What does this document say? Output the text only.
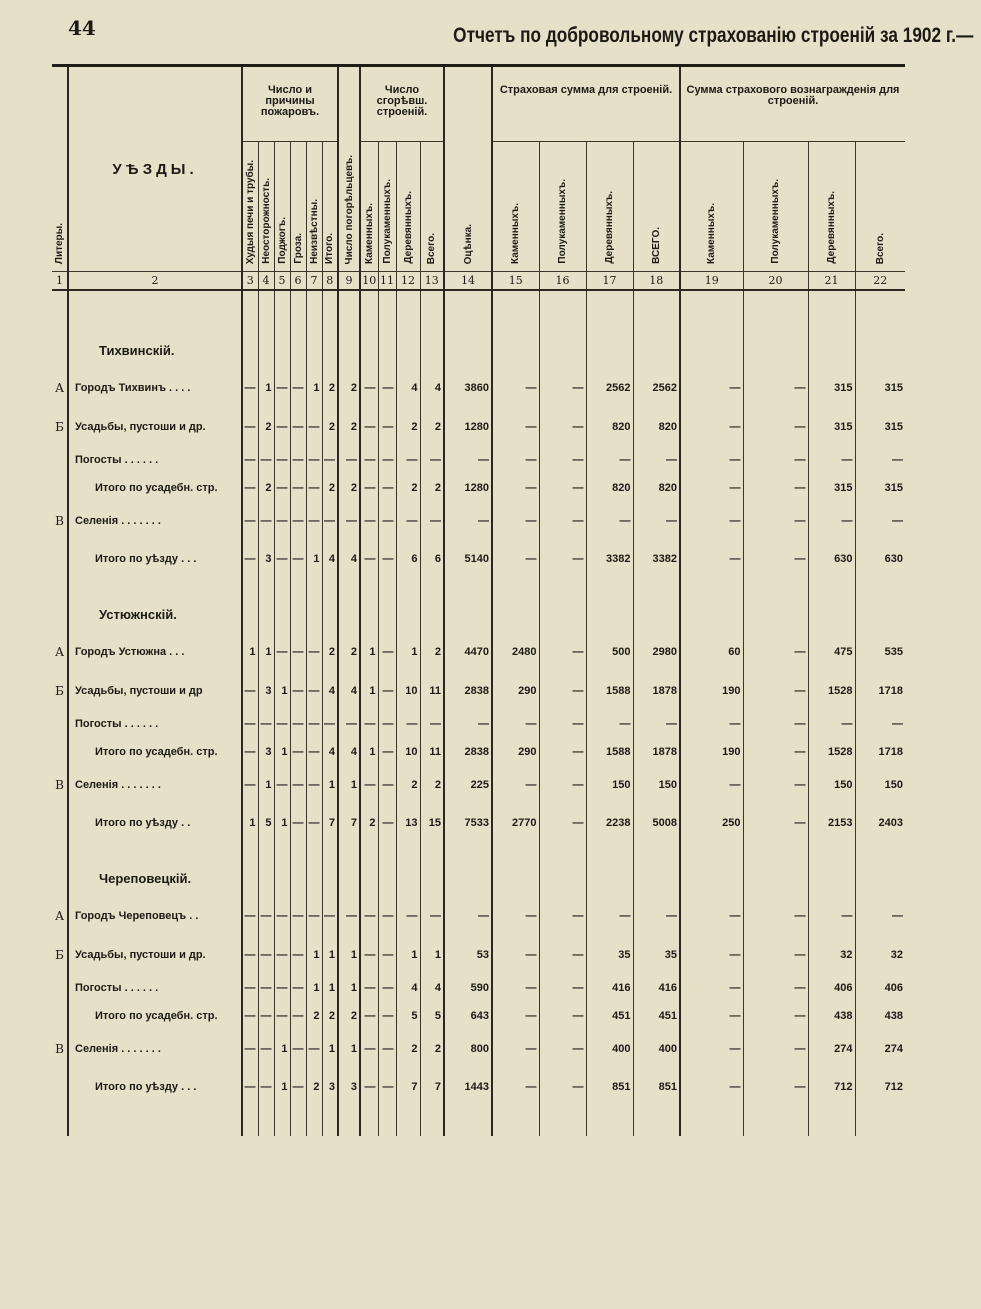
44	Отчетъ по добровольному страхованію строеній за 1902 г.—
Литеры.	УѢЗДЫ.	Число и причины пожаровъ.						Число погорѣльцевъ.	Число сгорѣвш. строеній.				Оцѣнка.	Страховая сумма для строеній.				Сумма страхового вознагражденія для строеній.			
		Худыя печи и трубы.	Неосторожность.	Поджогъ.	Гроза.	Неизвѣстны.	Итого.		Каменныхъ.	Полукаменныхъ.	Деревянныхъ.	Всего.		Каменныхъ.	Полукаменныхъ.	Деревянныхъ.	ВСЕГО.	Каменныхъ.	Полукаменныхъ.	Деревянныхъ.	Всего.
1	2	3	4	5	6	7	8	9	10	11	12	13	14	15	16	17	18	19	20	21	22

	Тихвинскій.																				
А	Городъ Тихвинъ . . . .	—	1	—	—	1	2	2	—	—	4	4	3860	—	—	2562	2562	—	—	315	315
Б	Усадьбы, пустоши и др.	—	2	—	—	—	2	2	—	—	2	2	1280	—	—	820	820	—	—	315	315
	Погосты . . . . . .	—	—	—	—	—	—	—	—	—	—	—	—	—	—	—	—	—	—	—	—
	Итого по усадебн. стр.	—	2	—	—	—	2	2	—	—	2	2	1280	—	—	820	820	—	—	315	315
В	Селенія . . . . . . .	—	—	—	—	—	—	—	—	—	—	—	—	—	—	—	—	—	—	—	—
	Итого по уѣзду . . .	—	3	—	—	1	4	4	—	—	6	6	5140	—	—	3382	3382	—	—	630	630

	Устюжнскій.																				
А	Городъ Устюжна . . .	1	1	—	—	—	2	2	1	—	1	2	4470	2480	—	500	2980	60	—	475	535
Б	Усадьбы, пустоши и др	—	3	1	—	—	4	4	1	—	10	11	2838	290	—	1588	1878	190	—	1528	1718
	Погосты . . . . . .	—	—	—	—	—	—	—	—	—	—	—	—	—	—	—	—	—	—	—	—
	Итого по усадебн. стр.	—	3	1	—	—	4	4	1	—	10	11	2838	290	—	1588	1878	190	—	1528	1718
В	Селенія . . . . . . .	—	1	—	—	—	1	1	—	—	2	2	225	—	—	150	150	—	—	150	150
	Итого по уѣзду . .	1	5	1	—	—	7	7	2	—	13	15	7533	2770	—	2238	5008	250	—	2153	2403

	Череповецкій.																				
А	Городъ Череповецъ . .	—	—	—	—	—	—	—	—	—	—	—	—	—	—	—	—	—	—	—	—
Б	Усадьбы, пустоши и др.	—	—	—	—	1	1	1	—	—	1	1	53	—	—	35	35	—	—	32	32
	Погосты . . . . . .	—	—	—	—	1	1	1	—	—	4	4	590	—	—	416	416	—	—	406	406
	Итого по усадебн. стр.	—	—	—	—	2	2	2	—	—	5	5	643	—	—	451	451	—	—	438	438
В	Селенія . . . . . . .	—	—	1	—	—	1	1	—	—	2	2	800	—	—	400	400	—	—	274	274
	Итого по уѣзду . . .	—	—	1	—	2	3	3	—	—	7	7	1443	—	—	851	851	—	—	712	712
